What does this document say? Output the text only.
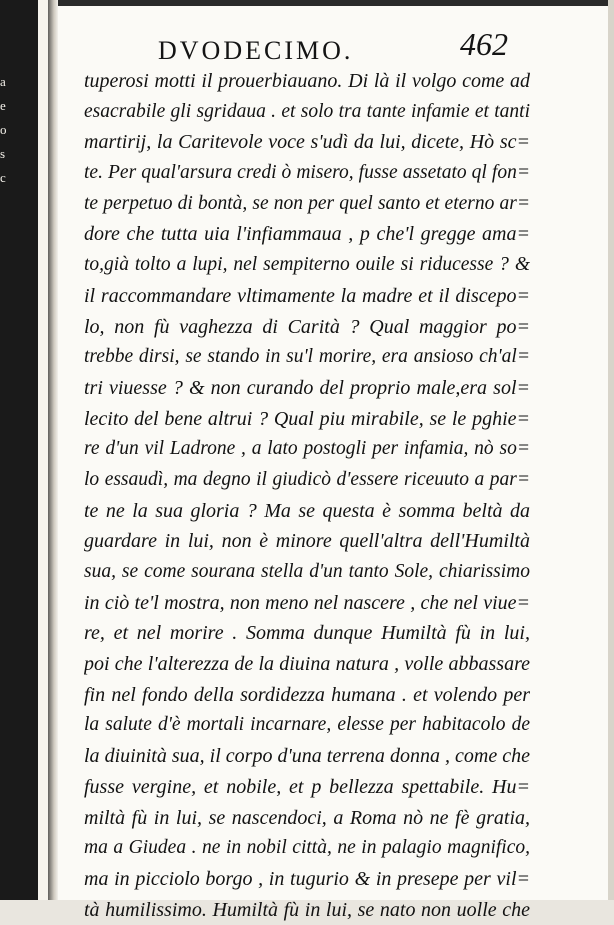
a
e
o
s
c
DVODECIMO.	462
tuperosi motti il prouerbiauano. Di là il volgo come ad
esacrabile gli sgridaua . et solo tra tante infamie et tanti
martirij, la Caritevole voce s'udì da lui, dicete, Hò sc=
te. Per qual'arsura credi ò misero, fusse assetato ql fon=
te perpetuo di bontà, se non per quel santo et eterno ar=
dore che tutta uia l'infiammaua , p che'l gregge ama=
to,già tolto a lupi, nel sempiterno ouile si riducesse ? &
il raccommandare vltimamente la madre et il discepo=
lo, non fù vaghezza di Carità ? Qual maggior po=
trebbe dirsi, se stando in su'l morire, era ansioso ch'al=
tri viuesse ? & non curando del proprio male,era sol=
lecito del bene altrui ? Qual piu mirabile, se le pghie=
re d'un vil Ladrone , a lato postogli per infamia, nò so=
lo essaudì, ma degno il giudicò d'essere riceuuto a par=
te ne la sua gloria ? Ma se questa è somma beltà da
guardare in lui, non è minore quell'altra dell'Humiltà
sua, se come sourana stella d'un tanto Sole, chiarissimo
in ciò te'l mostra, non meno nel nascere , che nel viue=
re, et nel morire . Somma dunque Humiltà fù in lui,
poi che l'alterezza de la diuina natura , volle abbassare
fin nel fondo della sordidezza humana . et volendo per
la salute d'è mortali incarnare, elesse per habitacolo de
la diuinità sua, il corpo d'una terrena donna , come che
fusse vergine, et nobile, et p bellezza spettabile. Hu=
miltà fù in lui, se nascendoci, a Roma nò ne fè gratia,
ma a Giudea . ne in nobil città, ne in palagio magnifico,
ma in picciolo borgo , in tugurio & in presepe per vil=
tà humilissimo. Humiltà fù in lui, se nato non uolle che
